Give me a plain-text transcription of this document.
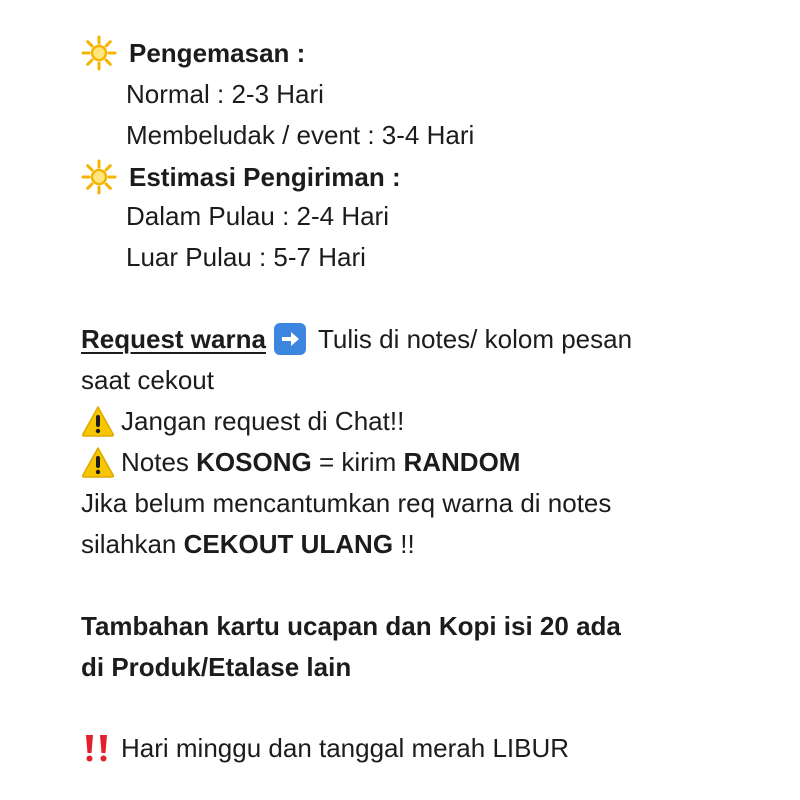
Pengemasan :
Normal : 2-3 Hari
Membeludak / event : 3-4 Hari
Estimasi Pengiriman :
Dalam Pulau : 2-4 Hari
Luar Pulau : 5-7 Hari
Request warna Tulis di notes/ kolom pesan
saat cekout
Jangan request di Chat!!
Notes KOSONG = kirim RANDOM
Jika belum mencantumkan req warna di notes
silahkan CEKOUT ULANG !!
Tambahan kartu ucapan dan Kopi isi 20 ada
di Produk/Etalase lain
Hari minggu dan tanggal merah LIBUR
